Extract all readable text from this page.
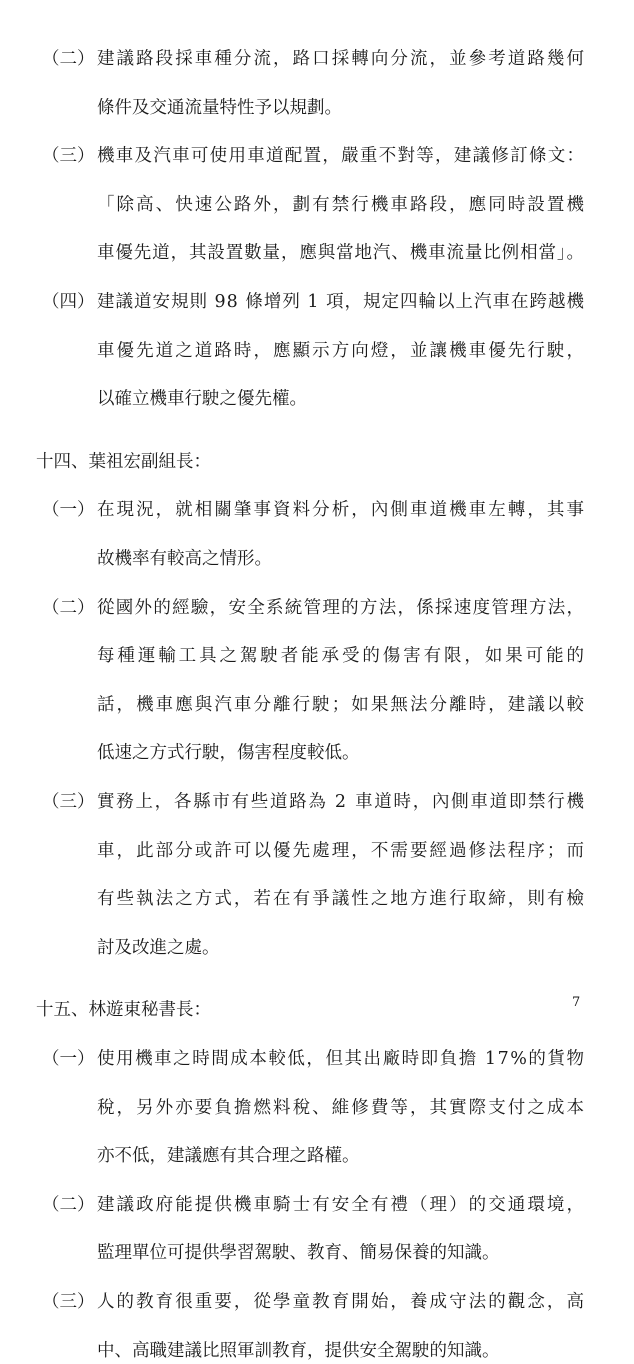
（二） 建議路段採車種分流，路口採轉向分流，並參考道路幾何
條件及交通流量特性予以規劃。
（三） 機車及汽車可使用車道配置，嚴重不對等，建議修訂條文：
「除高、快速公路外，劃有禁行機車路段，應同時設置機
車優先道，其設置數量，應與當地汽、機車流量比例相當」。
（四） 建議道安規則 98 條增列 1 項，規定四輪以上汽車在跨越機
車優先道之道路時，應顯示方向燈，並讓機車優先行駛，
以確立機車行駛之優先權。
十四、葉祖宏副組長：
（一） 在現況，就相關肇事資料分析，內側車道機車左轉，其事
故機率有較高之情形。
（二） 從國外的經驗，安全系統管理的方法，係採速度管理方法，
每種運輸工具之駕駛者能承受的傷害有限，如果可能的
話，機車應與汽車分離行駛；如果無法分離時，建議以較
低速之方式行駛，傷害程度較低。
（三） 實務上，各縣市有些道路為 2 車道時，內側車道即禁行機
車，此部分或許可以優先處理，不需要經過修法程序；而
有些執法之方式，若在有爭議性之地方進行取締，則有檢
討及改進之處。
十五、林遊東秘書長：
（一） 使用機車之時間成本較低，但其出廠時即負擔 17%的貨物
稅，另外亦要負擔燃料稅、維修費等，其實際支付之成本
亦不低，建議應有其合理之路權。
（二） 建議政府能提供機車騎士有安全有禮（理）的交通環境，
監理單位可提供學習駕駛、教育、簡易保養的知識。
（三） 人的教育很重要，從學童教育開始，養成守法的觀念，高
中、高職建議比照軍訓教育，提供安全駕駛的知識。
7
